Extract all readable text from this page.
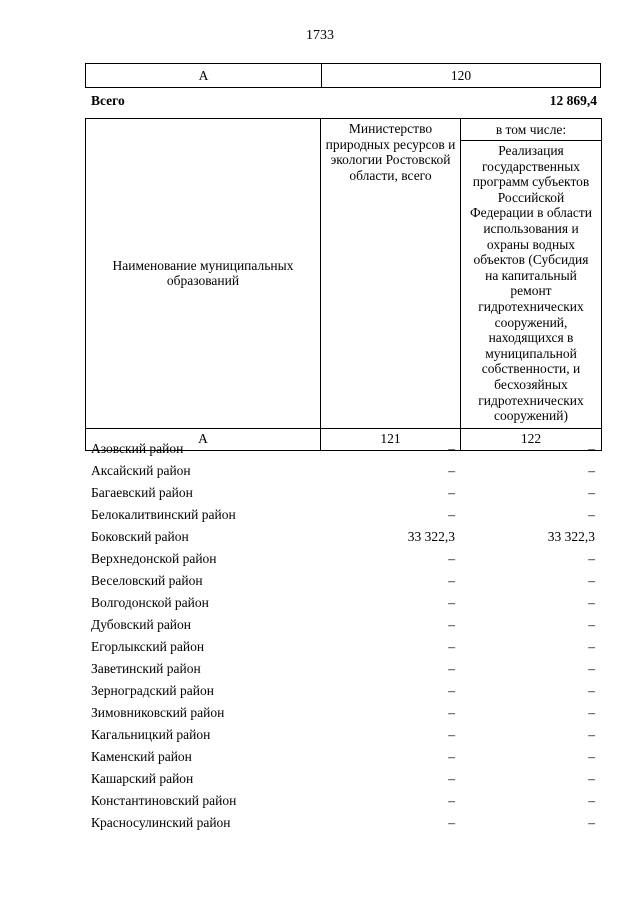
1733
А	120
Всего	12 869,4
Наименование муниципальных образований	Министерство природных ресурсов и экологии Ростовской области, всего	в том числе:
		Реализация государственных программ субъектов Российской Федерации в области использования и охраны водных объектов (Субсидия на капитальный ремонт гидротехнических сооружений, находящихся в муниципальной собственности, и бесхозяйных гидротехнических сооружений)
А	121	122
Азовский район	–	–
Аксайский район	–	–
Багаевский район	–	–
Белокалитвинский район	–	–
Боковский район	33 322,3	33 322,3
Верхнедонской район	–	–
Веселовский район	–	–
Волгодонской район	–	–
Дубовский район	–	–
Егорлыкский район	–	–
Заветинский район	–	–
Зерноградский район	–	–
Зимовниковский район	–	–
Кагальницкий район	–	–
Каменский район	–	–
Кашарский район	–	–
Константиновский район	–	–
Красносулинский район	–	–
